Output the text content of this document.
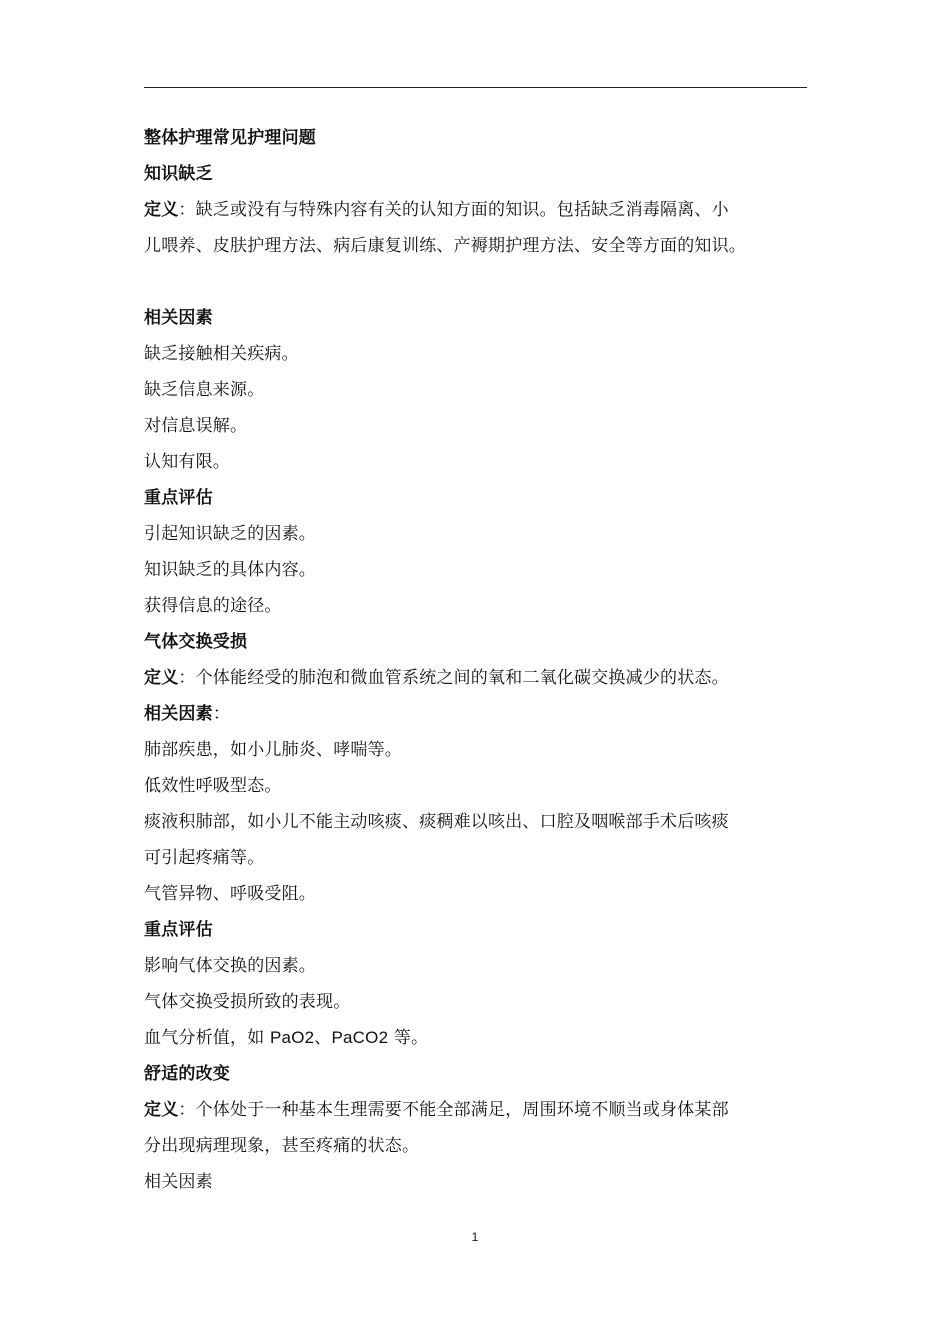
整体护理常见护理问题
知识缺乏
定义：缺乏或没有与特殊内容有关的认知方面的知识。包括缺乏消毒隔离、小
儿喂养、皮肤护理方法、病后康复训练、产褥期护理方法、安全等方面的知识。
相关因素
缺乏接触相关疾病。
缺乏信息来源。
对信息误解。
认知有限。
重点评估
引起知识缺乏的因素。
知识缺乏的具体内容。
获得信息的途径。
气体交换受损
定义：个体能经受的肺泡和微血管系统之间的氧和二氧化碳交换减少的状态。
相关因素：
肺部疾患，如小儿肺炎、哮喘等。
低效性呼吸型态。
痰液积肺部，如小儿不能主动咳痰、痰稠难以咳出、口腔及咽喉部手术后咳痰
可引起疼痛等。
气管异物、呼吸受阻。
重点评估
影响气体交换的因素。
气体交换受损所致的表现。
血气分析值，如 PaO2、PaCO2 等。
舒适的改变
定义：个体处于一种基本生理需要不能全部满足，周围环境不顺当或身体某部
分出现病理现象，甚至疼痛的状态。
相关因素
1
